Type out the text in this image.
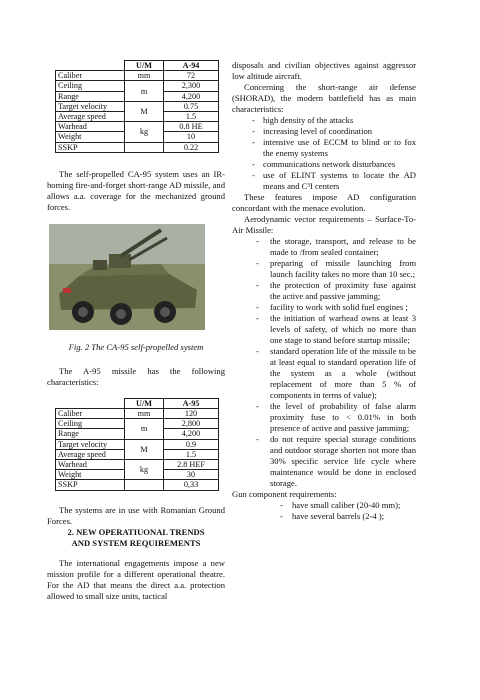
	U/M	A-94
Caliber	mm	72
Ceiling	m	2,300
Range		4,200
Target velocity	M	0.75
Average speed		1.5
Warhead	kg	0.8 HE
Weight		10
SSKP		0.22

The self-propelled CA-95 system uses an IR-homing fire-and-forget short-range AD missile, and allows a.a. coverage for the mechanized ground forces.

Fig. 2 The CA-95 self-propelled system

The A-95 missile has the following characteristics:

	U/M	A-95
Caliber	mm	120
Ceiling	m	2,800
Range		4,200
Target velocity	M	0.9
Average speed		1.5
Warhead	kg	2.8 HEF
Weight		30
SSKP		0,33

The systems are in use with Romanian Ground Forces.

2. NEW OPERATIUONAL TRENDS

AND SYSTEM REQUIREMENTS

The international engagements impose a new mission profile for a different operational theatre. For the AD that means the direct a.a. protection allowed to small size units, tactical

disposals and civilian objectives against aggressor low altitude aircraft.

Concerning the short-range air defense (SHORAD), the modern battlefield has as main characteristics:

- high density of the attacks
- increasing level of coordination
- intensive use of ECCM to blind or to fox the enemy systems
- communications network disturbances
- use of ELINT systems to locate the AD means and C³I centers

These features impose AD configuration concordant with the menace evolution.

Aerodynamic vector requirements – Surface-To-Air Missile:

- the storage, transport, and release to be made to /from sealed container;
- preparing of missile launching from launch facility takes no more than 10 sec.;
- the protection of proximity fuse against the active and passive jamming;
- facility to work with solid fuel engines ;
- the initiation of warhead owns at least 3 levels of safety, of which no more than one stage to stand before startup missile;
- standard operation life of the missile to be at least equal to standard operation life of the system as a whole (without replacement of more than 5 % of components in terms of value);
- the level of probability of false alarm proximity fuse to < 0.01% in both presence of active and passive jamming;
- do not require special storage conditions and outdoor storage shorten not more than 30% specific service life cycle where maintenance would be done in enclosed storage.

Gun component requirements:

- have small caliber (20-40 mm);
- have several barrels (2-4 );
